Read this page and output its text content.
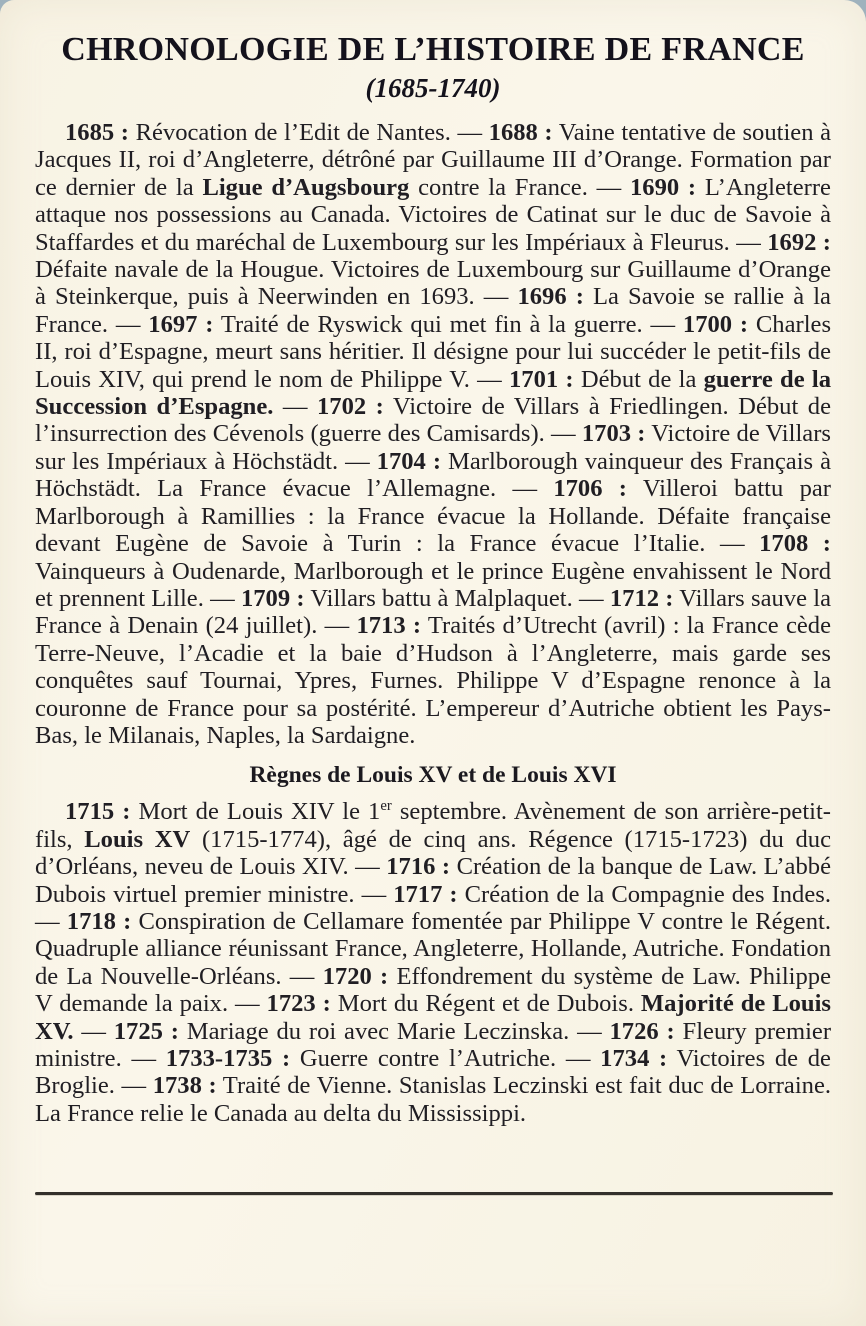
CHRONOLOGIE DE L’HISTOIRE DE FRANCE
(1685-1740)

1685 : Révocation de l’Edit de Nantes. — 1688 : Vaine tentative de soutien à Jacques II, roi d’Angleterre, détrôné par Guillaume III d’Orange. Formation par ce dernier de la Ligue d’Augsbourg contre la France. — 1690 : L’Angleterre attaque nos possessions au Canada. Victoires de Catinat sur le duc de Savoie à Staffardes et du maréchal de Luxembourg sur les Impériaux à Fleurus. — 1692 : Défaite navale de la Hougue. Victoires de Luxembourg sur Guillaume d’Orange à Steinkerque, puis à Neerwinden en 1693. — 1696 : La Savoie se rallie à la France. — 1697 : Traité de Ryswick qui met fin à la guerre. — 1700 : Charles II, roi d’Espagne, meurt sans héritier. Il désigne pour lui succéder le petit-fils de Louis XIV, qui prend le nom de Philippe V. — 1701 : Début de la guerre de la Succession d’Espagne. — 1702 : Victoire de Villars à Friedlingen. Début de l’insurrection des Cévenols (guerre des Camisards). — 1703 : Victoire de Villars sur les Impériaux à Höchstädt. — 1704 : Marlborough vainqueur des Français à Höchstädt. La France évacue l’Allemagne. — 1706 : Villeroi battu par Marlborough à Ramillies : la France évacue la Hollande. Défaite française devant Eugène de Savoie à Turin : la France évacue l’Italie. — 1708 : Vainqueurs à Oudenarde, Marlborough et le prince Eugène envahissent le Nord et prennent Lille. — 1709 : Villars battu à Malplaquet. — 1712 : Villars sauve la France à Denain (24 juillet). — 1713 : Traités d’Utrecht (avril) : la France cède Terre-Neuve, l’Acadie et la baie d’Hudson à l’Angleterre, mais garde ses conquêtes sauf Tournai, Ypres, Furnes. Philippe V d’Espagne renonce à la couronne de France pour sa postérité. L’empereur d’Autriche obtient les Pays-Bas, le Milanais, Naples, la Sardaigne.

Règnes de Louis XV et de Louis XVI

1715 : Mort de Louis XIV le 1er septembre. Avènement de son arrière-petit-fils, Louis XV (1715-1774), âgé de cinq ans. Régence (1715-1723) du duc d’Orléans, neveu de Louis XIV. — 1716 : Création de la banque de Law. L’abbé Dubois virtuel premier ministre. — 1717 : Création de la Compagnie des Indes. — 1718 : Conspiration de Cellamare fomentée par Philippe V contre le Régent. Quadruple alliance réunissant France, Angleterre, Hollande, Autriche. Fondation de La Nouvelle-Orléans. — 1720 : Effondrement du système de Law. Philippe V demande la paix. — 1723 : Mort du Régent et de Dubois. Majorité de Louis XV. — 1725 : Mariage du roi avec Marie Leczinska. — 1726 : Fleury premier ministre. — 1733-1735 : Guerre contre l’Autriche. — 1734 : Victoires de de Broglie. — 1738 : Traité de Vienne. Stanislas Leczinski est fait duc de Lorraine. La France relie le Canada au delta du Mississippi.
